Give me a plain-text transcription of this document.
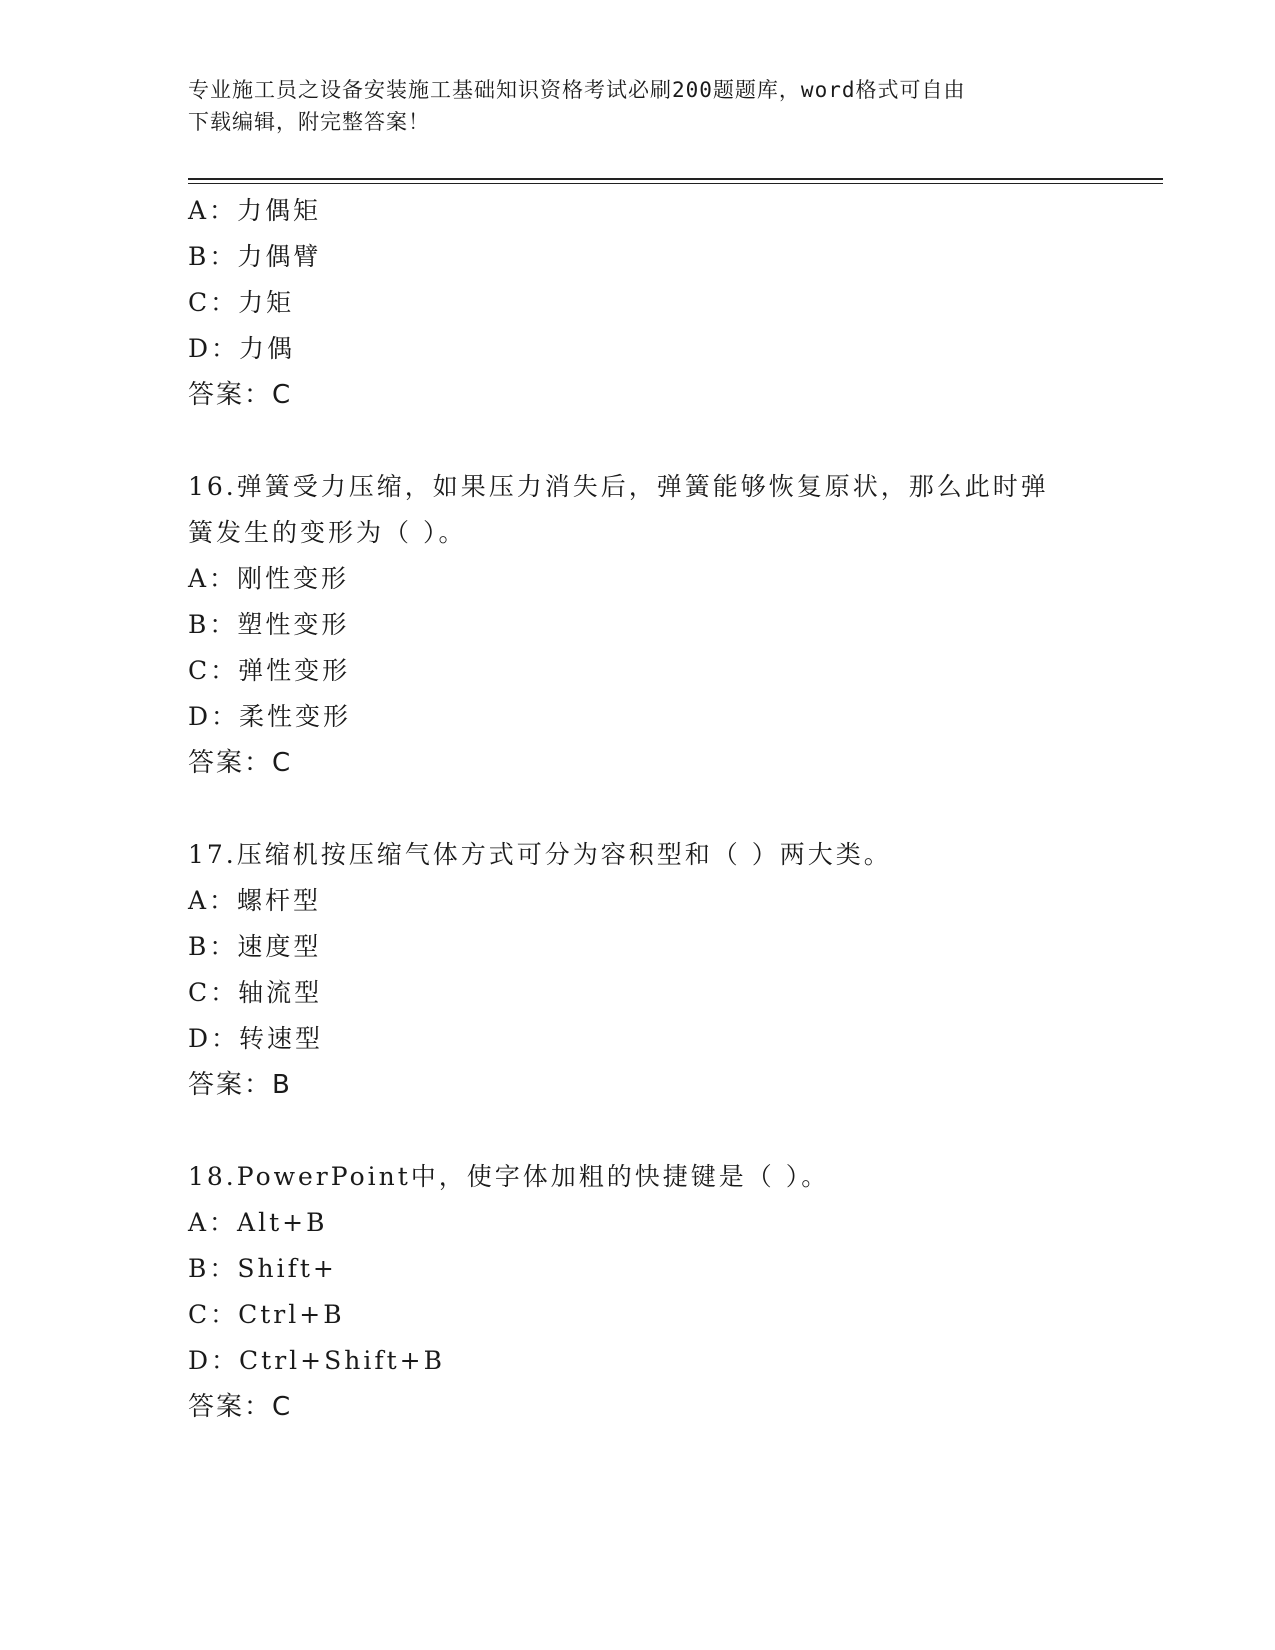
专业施工员之设备安装施工基础知识资格考试必刷200题题库，word格式可自由
下载编辑，附完整答案！
A：力偶矩
B：力偶臂
C：力矩
D：力偶
答案：C
16.弹簧受力压缩，如果压力消失后，弹簧能够恢复原状，那么此时弹
簧发生的变形为（ ）。
A：刚性变形
B：塑性变形
C：弹性变形
D：柔性变形
答案：C
17.压缩机按压缩气体方式可分为容积型和（ ）两大类。
A：螺杆型
B：速度型
C：轴流型
D：转速型
答案：B
18.PowerPoint中，使字体加粗的快捷键是（ ）。
A：Alt+B
B：Shift+
C：Ctrl+B
D：Ctrl+Shift+B
答案：C
